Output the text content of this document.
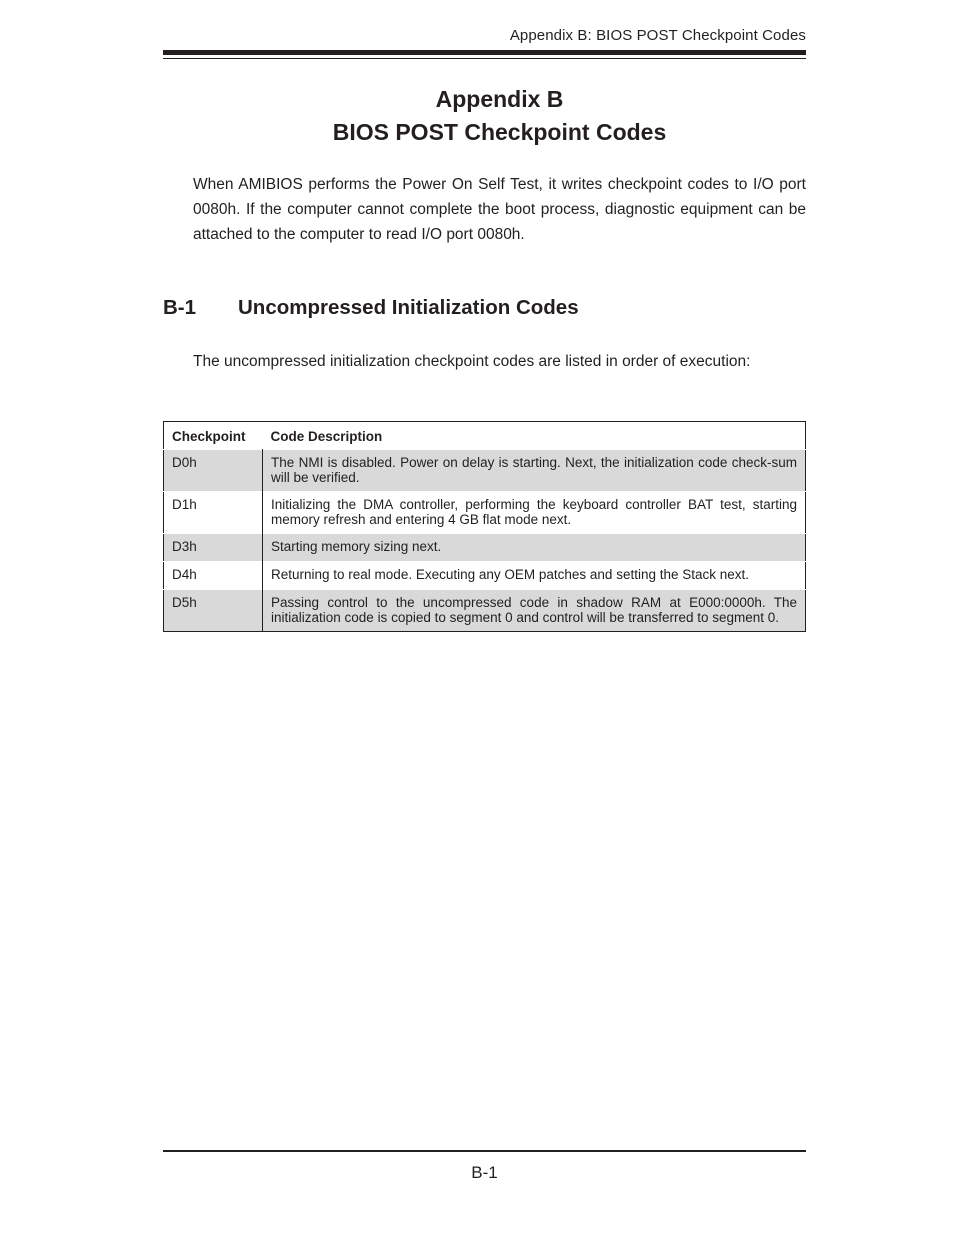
Appendix B: BIOS POST Checkpoint Codes
Appendix B
BIOS POST Checkpoint Codes
When AMIBIOS performs the Power On Self Test, it writes checkpoint codes to I/O port 0080h. If the computer cannot complete the boot process, diagnostic equipment can be attached to the computer to read I/O port 0080h.
B-1 Uncompressed Initialization Codes
The uncompressed initialization checkpoint codes are listed in order of execution:
Checkpoint	Code Description
D0h	The NMI is disabled. Power on delay is starting. Next, the initialization code check-sum will be verified.
D1h	Initializing the DMA controller, performing the keyboard controller BAT test, starting memory refresh and entering 4 GB flat mode next.
D3h	Starting memory sizing next.
D4h	Returning to real mode. Executing any OEM patches and setting the Stack next.
D5h	Passing control to the uncompressed code in shadow RAM at E000:0000h. The initialization code is copied to segment 0 and control will be transferred to segment 0.
B-1
